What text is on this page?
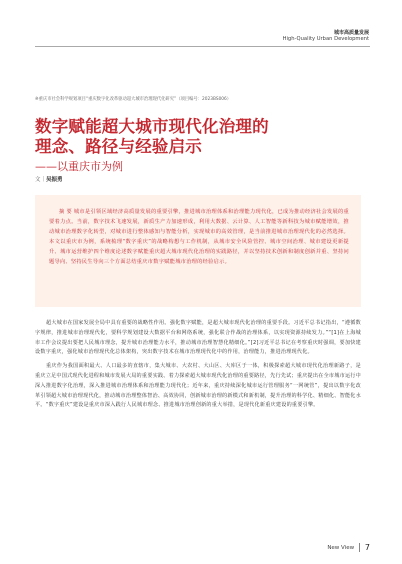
城市高质量发展
High-Quality Urban Development
※重庆市社会科学规划项目“重庆数字化改革驱动超大城市治理现代化研究”（项目编号：2023BS006）
数字赋能超大城市现代化治理的
理念、路径与经验启示
——以重庆市为例
文｜吴振勇

摘 要 城市是引领区域经济高质量发展的重要引擎，推进城市治理体系和治理能力现代化，已成为推动经济社会发展的重要着力点。当前，数字技术飞速发展，新质生产力加速形成，利用大数据、云计算、人工智能等新科技为城市赋能增效，推动城市治理数字化转型，对城市进行整体感知与智能分析，实现城市的高效管理，是当前推进城市治理现代化的必然选择。本文以重庆市为例，系统梳理“数字重庆”的战略构想与工作机制，从城市安全风险管控、城市空间治理、城市建设更新提升、城市运营维护四个维度论述数字赋能重庆超大城市现代化治理的实践路径，并以坚持技术创新和制度创新并重、坚持问题导向、坚持民生导向三个方面总结重庆市数字赋能城市治理的经验启示。

超大城市在国家发展全局中具有重要的战略性作用。强化数字赋能，是超大城市现代化治理的重要手段。习近平总书记指出，“遵循数字规律，推进城市治理现代化，要科学规划建设大数据平台和网络系统，强化联合作战的治理体系，以实现资源持续发力。”“[1]在上海城市工作会议提出要把人民城市理念，提升城市治理能力水平，推动城市治理智慧化精细化。”[2]习近平总书记在考察重庆时强调，要加快建设数字重庆，强化城市治理现代化总体架构，突出数字技术在城市治理现代化中的作用，治理能力，推进治理现代化。

重庆作为我国面积最大、人口最多的直辖市，集大城市、大农村、大山区、大库区于一体，积极探索超大城市现代化治理新路子，是重庆立足中国式现代化进程和城市发展大局的重要实践、着力探索超大城市现代化治理的重要路径，先行先试；重庆提出在全市城市运行中深入推进数字化治理，深入推进城市治理体系和治理能力现代化；近年来，重庆持续深化城市运行管理服务“一网统管”，提出以数字化改革引领超大城市治理现代化，推动城市治理整体智治、高效协同，创新城市治理的新模式和新机制，提升治理的科学化、精细化、智能化水平。“数字重庆”建设是重庆市深入践行人民城市理念、推进城市治理创新的重大举措，是现代化新重庆建设的重要引擎。

New View 7
